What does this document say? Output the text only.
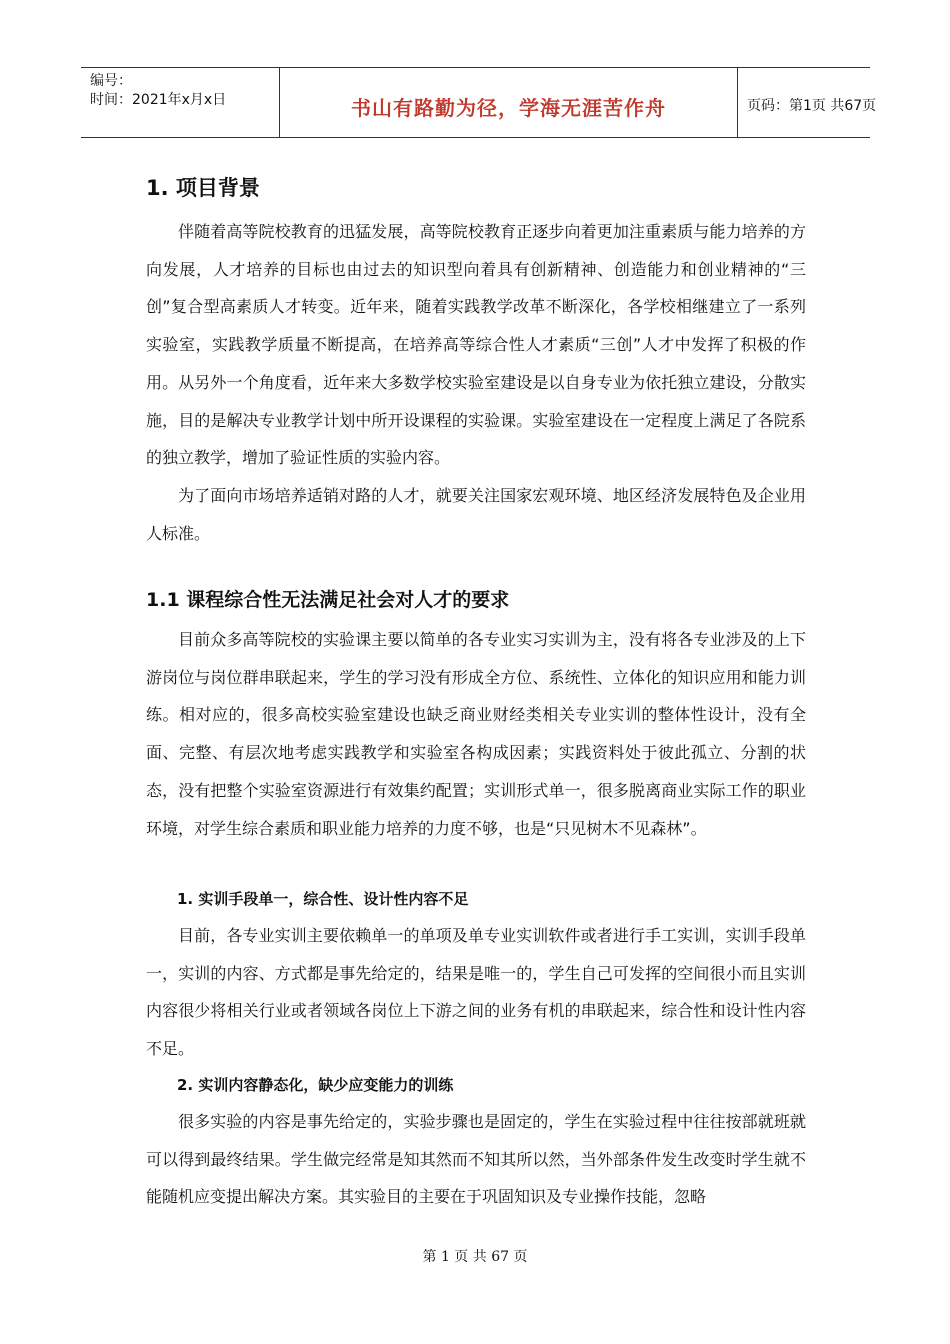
编号：
时间：2021年x月x日	书山有路勤为径，学海无涯苦作舟	页码：第1页 共67页
1. 项目背景

伴随着高等院校教育的迅猛发展，高等院校教育正逐步向着更加注重素质与能力培养的方向发展，人才培养的目标也由过去的知识型向着具有创新精神、创造能力和创业精神的“三创”复合型高素质人才转变。近年来，随着实践教学改革不断深化，各学校相继建立了一系列实验室，实践教学质量不断提高，在培养高等综合性人才素质“三创”人才中发挥了积极的作用。从另外一个角度看，近年来大多数学校实验室建设是以自身专业为依托独立建设，分散实施，目的是解决专业教学计划中所开设课程的实验课。实验室建设在一定程度上满足了各院系的独立教学，增加了验证性质的实验内容。

为了面向市场培养适销对路的人才，就要关注国家宏观环境、地区经济发展特色及企业用人标准。

1.1 课程综合性无法满足社会对人才的要求

目前众多高等院校的实验课主要以简单的各专业实习实训为主，没有将各专业涉及的上下游岗位与岗位群串联起来，学生的学习没有形成全方位、系统性、立体化的知识应用和能力训练。相对应的，很多高校实验室建设也缺乏商业财经类相关专业实训的整体性设计，没有全面、完整、有层次地考虑实践教学和实验室各构成因素；实践资料处于彼此孤立、分割的状态，没有把整个实验室资源进行有效集约配置；实训形式单一，很多脱离商业实际工作的职业环境，对学生综合素质和职业能力培养的力度不够，也是“只见树木不见森林”。

1. 实训手段单一，综合性、设计性内容不足

目前，各专业实训主要依赖单一的单项及单专业实训软件或者进行手工实训，实训手段单一，实训的内容、方式都是事先给定的，结果是唯一的，学生自己可发挥的空间很小而且实训内容很少将相关行业或者领域各岗位上下游之间的业务有机的串联起来，综合性和设计性内容不足。

2. 实训内容静态化，缺少应变能力的训练

很多实验的内容是事先给定的，实验步骤也是固定的，学生在实验过程中往往按部就班就可以得到最终结果。学生做完经常是知其然而不知其所以然，当外部条件发生改变时学生就不能随机应变提出解决方案。其实验目的主要在于巩固知识及专业操作技能，忽略

第 1 页 共 67 页
